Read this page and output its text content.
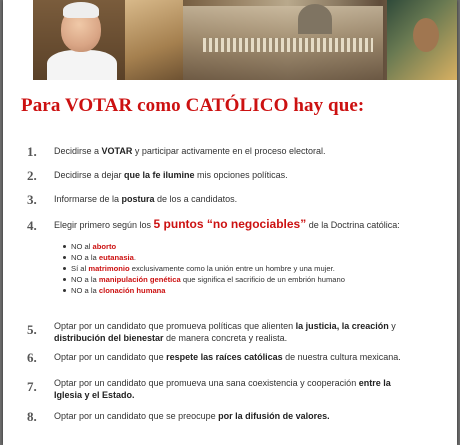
Para VOTAR como CATÓLICO hay que:
1. Decidirse a VOTAR y participar activamente en el proceso electoral.
2. Decidirse a dejar que la fe ilumine mis opciones políticas.
3. Informarse de la postura de los a candidatos.
4. Elegir primero según los 5 puntos “no negociables” de la Doctrina católica:
NO al aborto
NO a la eutanasia.
Sí al matrimonio exclusivamente como la unión entre un hombre y una mujer.
NO a la manipulación genética que significa el sacrificio de un embrión humano
NO a la clonación humana
5. Optar por un candidato que promueva políticas que alienten la justicia, la creación y distribución del bienestar de manera concreta y realista.
6. Optar por un candidato que respete las raíces católicas de nuestra cultura mexicana.
7. Optar por un candidato que promueva una sana coexistencia y cooperación entre la Iglesia y el Estado.
8. Optar por un candidato que se preocupe por la difusión de valores.
